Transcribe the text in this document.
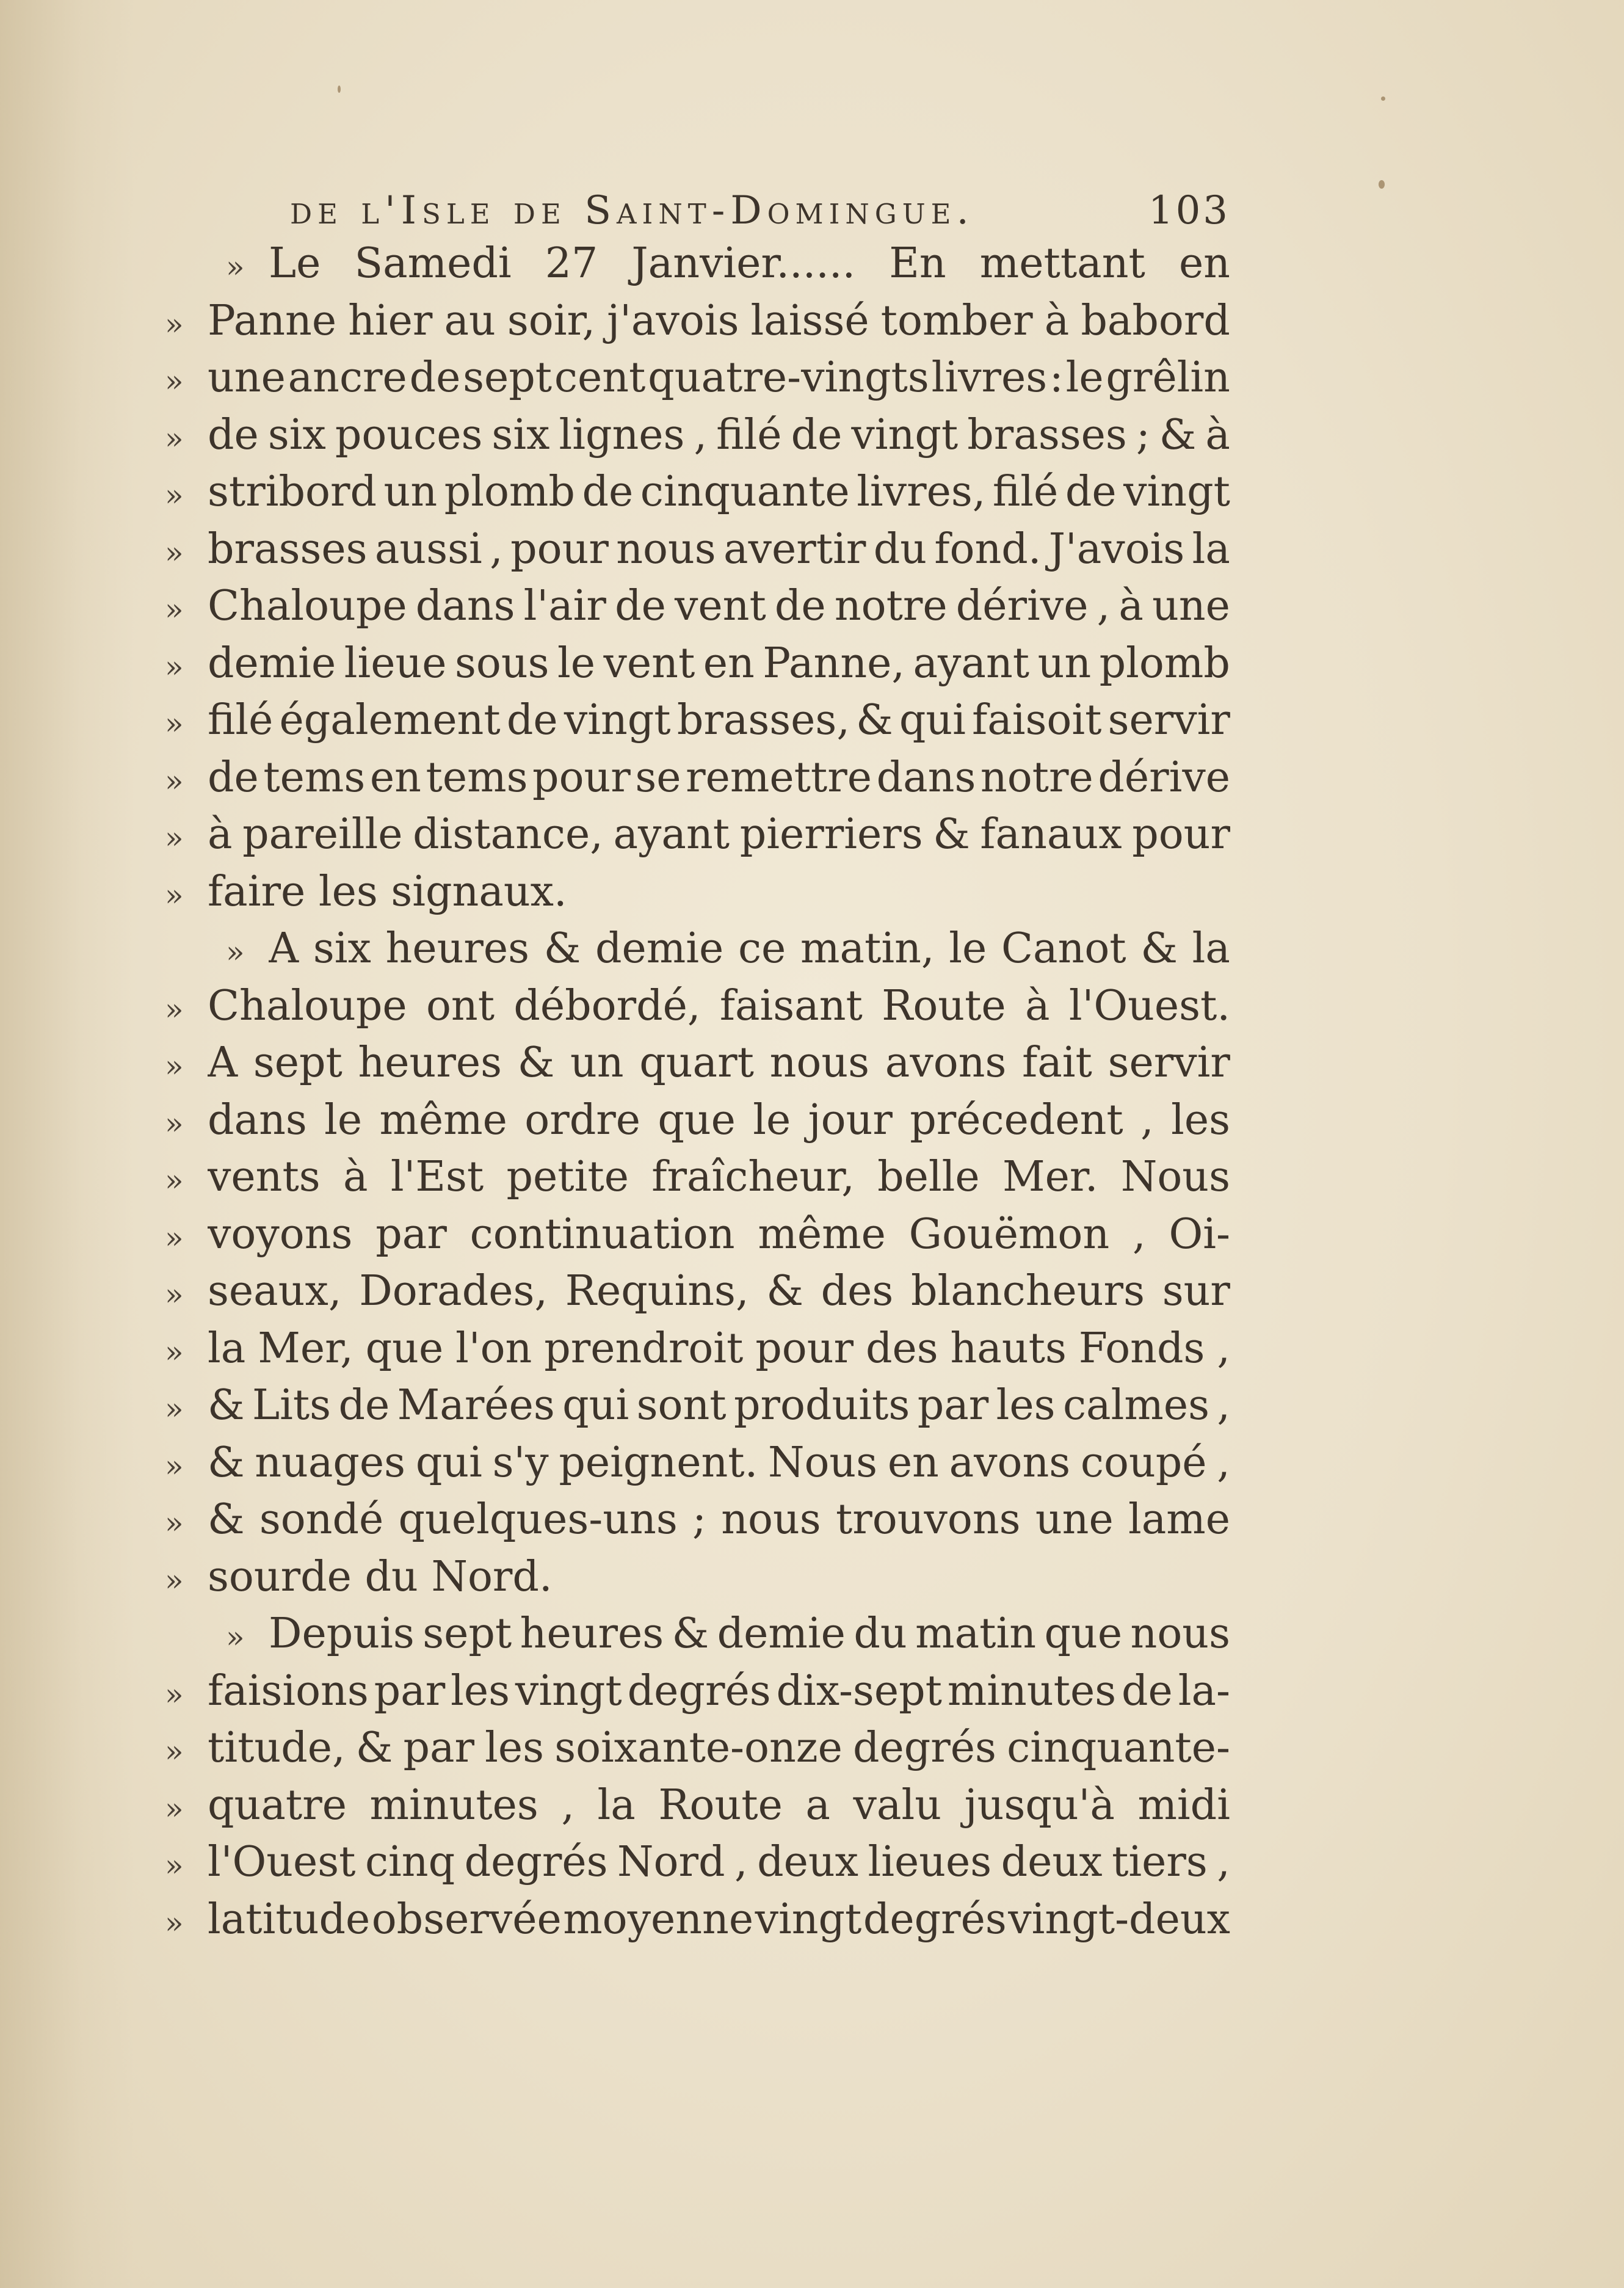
de l'Isle de Saint-Domingue.	103
» Le Samedi 27 Janvier...... En mettant en
» Panne hier au soir, j'avois laissé tomber à babord
» une ancre de sept cent quatre-vingts livres : le grêlin
» de six pouces six lignes , filé de vingt brasses ; & à
» stribord un plomb de cinquante livres, filé de vingt
» brasses aussi , pour nous avertir du fond. J'avois la
» Chaloupe dans l'air de vent de notre dérive , à une
» demie lieue sous le vent en Panne, ayant un plomb
» filé également de vingt brasses, & qui faisoit servir
» de tems en tems pour se remettre dans notre dérive
» à pareille distance, ayant pierriers & fanaux pour
» faire les signaux.
» A six heures & demie ce matin, le Canot & la
» Chaloupe ont débordé, faisant Route à l'Ouest.
» A sept heures & un quart nous avons fait servir
» dans le même ordre que le jour précedent , les
» vents à l'Est petite fraîcheur, belle Mer. Nous
» voyons par continuation même Gouëmon , Oi-
» seaux, Dorades, Requins, & des blancheurs sur
» la Mer, que l'on prendroit pour des hauts Fonds ,
» & Lits de Marées qui sont produits par les calmes ,
» & nuages qui s'y peignent. Nous en avons coupé ,
» & sondé quelques-uns ; nous trouvons une lame
» sourde du Nord.
» Depuis sept heures & demie du matin que nous
» faisions par les vingt degrés dix-sept minutes de la-
» titude, & par les soixante-onze degrés cinquante-
» quatre minutes , la Route a valu jusqu'à midi
» l'Ouest cinq degrés Nord , deux lieues deux tiers ,
» latitude observée moyenne vingt degrés vingt-deux
